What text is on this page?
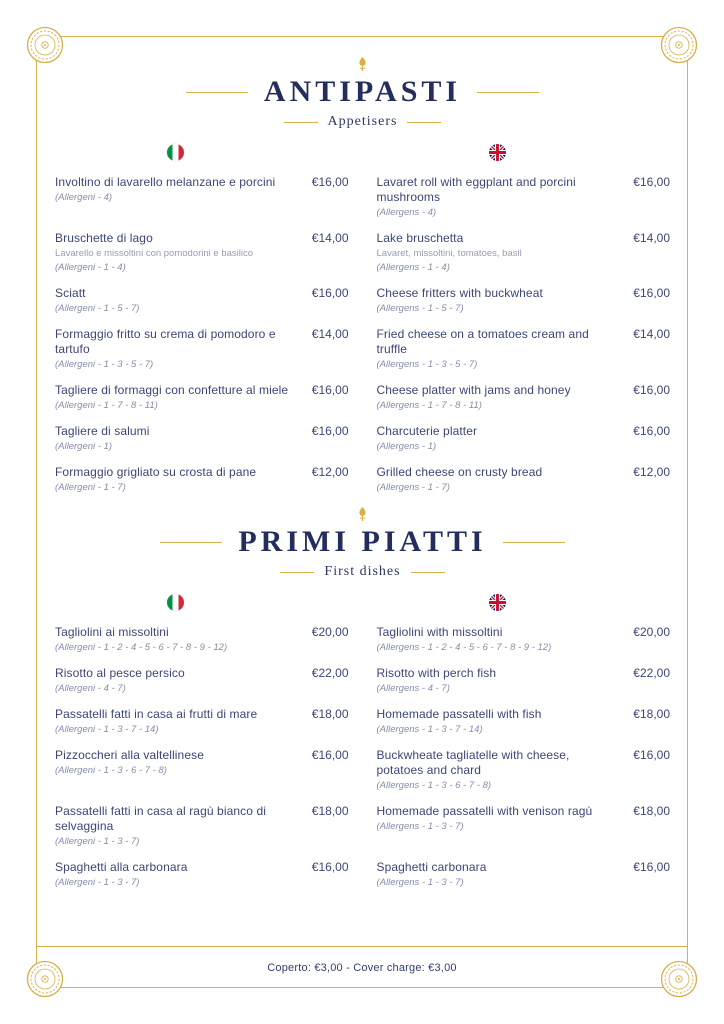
ANTIPASTI
Appetisers
Involtino di lavarello melanzane e porcini
(Allergeni - 4)
€16,00 Lavaret roll with eggplant and porcini mushrooms
(Allergens - 4)
€16,00
Bruschette di lago
Lavarello e missoltini con pomodorini e basilico
(Allergeni - 1 - 4)
€14,00 Lake bruschetta
Lavaret, missoltini, tomatoes, basil
(Allergens - 1 - 4)
€14,00
Sciatt
(Allergeni - 1 - 5 - 7)
€16,00 Cheese fritters with buckwheat
(Allergens - 1 - 5 - 7)
€16,00
Formaggio fritto su crema di pomodoro e tartufo
(Allergeni - 1 - 3 - 5 - 7)
€14,00 Fried cheese on a tomatoes cream and truffle
(Allergens - 1 - 3 - 5 - 7)
€14,00
Tagliere di formaggi con confetture al miele
(Allergeni - 1 - 7 - 8 - 11)
€16,00 Cheese platter with jams and honey
(Allergens - 1 - 7 - 8 - 11)
€16,00
Tagliere di salumi
(Allergeni - 1)
€16,00 Charcuterie platter
(Allergens - 1)
€16,00
Formaggio grigliato su crosta di pane
(Allergeni - 1 - 7)
€12,00 Grilled cheese on crusty bread
(Allergens - 1 - 7)
€12,00
PRIMI PIATTI
First dishes
Tagliolini ai missoltini
(Allergeni - 1 - 2 - 4 - 5 - 6 - 7 - 8 - 9 - 12)
€20,00 Tagliolini with missoltini
(Allergens - 1 - 2 - 4 - 5 - 6 - 7 - 8 - 9 - 12)
€20,00
Risotto al pesce persico
(Allergeni - 4 - 7)
€22,00 Risotto with perch fish
(Allergens - 4 - 7)
€22,00
Passatelli fatti in casa ai frutti di mare
(Allergeni - 1 - 3 - 7 - 14)
€18,00 Homemade passatelli with fish
(Allergens - 1 - 3 - 7 - 14)
€18,00
Pizzoccheri alla valtellinese
(Allergeni - 1 - 3 - 6 - 7 - 8)
€16,00 Buckwheate tagliatelle with cheese, potatoes and chard
(Allergens - 1 - 3 - 6 - 7 - 8)
€16,00
Passatelli fatti in casa al ragù bianco di selvaggina
(Allergeni - 1 - 3 - 7)
€18,00 Homemade passatelli with venison ragù
(Allergens - 1 - 3 - 7)
€18,00
Spaghetti alla carbonara
(Allergeni - 1 - 3 - 7)
€16,00 Spaghetti carbonara
(Allergens - 1 - 3 - 7)
€16,00
Coperto: €3,00 - Cover charge: €3,00
